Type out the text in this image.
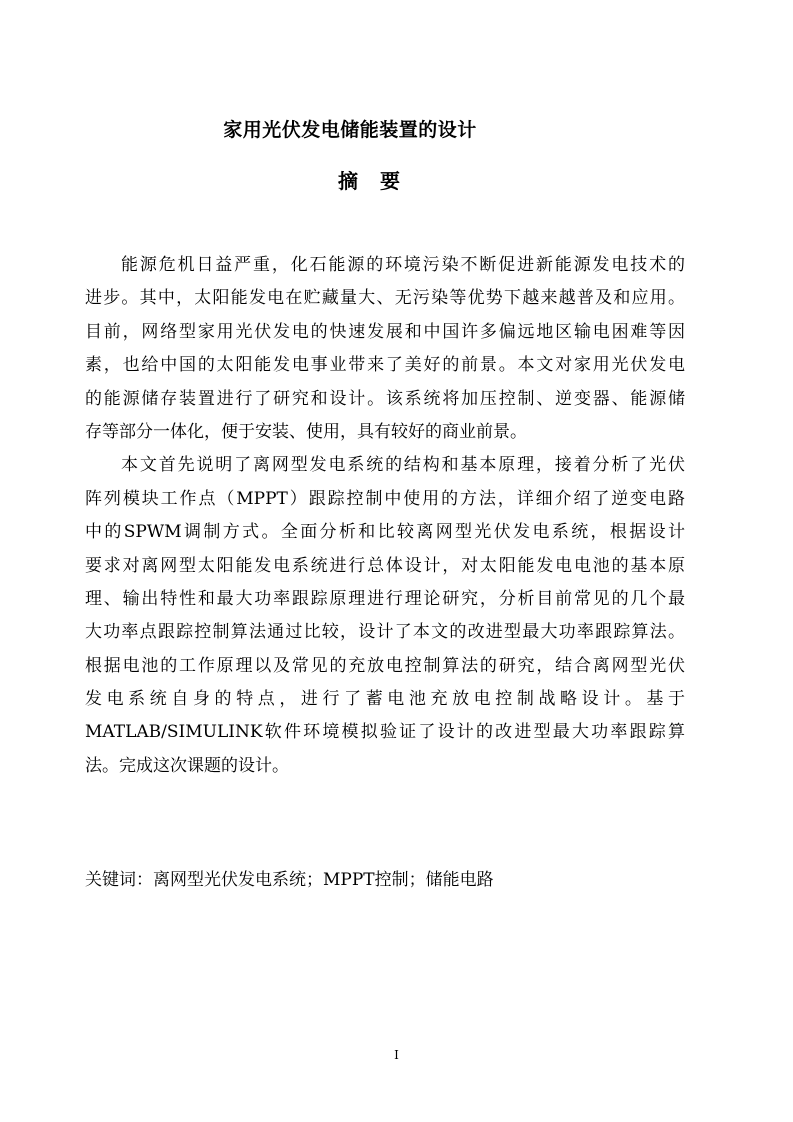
家用光伏发电储能装置的设计
摘要
能源危机日益严重，化石能源的环境污染不断促进新能源发电技术的
进步。其中，太阳能发电在贮藏量大、无污染等优势下越来越普及和应用。
目前，网络型家用光伏发电的快速发展和中国许多偏远地区输电困难等因
素，也给中国的太阳能发电事业带来了美好的前景。本文对家用光伏发电
的能源储存装置进行了研究和设计。该系统将加压控制、逆变器、能源储
存等部分一体化，便于安装、使用，具有较好的商业前景。
本文首先说明了离网型发电系统的结构和基本原理，接着分析了光伏
阵列模块工作点（MPPT）跟踪控制中使用的方法，详细介绍了逆变电路
中的SPWM调制方式。全面分析和比较离网型光伏发电系统，根据设计
要求对离网型太阳能发电系统进行总体设计，对太阳能发电电池的基本原
理、输出特性和最大功率跟踪原理进行理论研究，分析目前常见的几个最
大功率点跟踪控制算法通过比较，设计了本文的改进型最大功率跟踪算法。
根据电池的工作原理以及常见的充放电控制算法的研究，结合离网型光伏
发电系统自身的特点，进行了蓄电池充放电控制战略设计。基于
MATLAB/SIMULINK软件环境模拟验证了设计的改进型最大功率跟踪算
法。完成这次课题的设计。

关键词：离网型光伏发电系统；MPPT控制；储能电路

I
